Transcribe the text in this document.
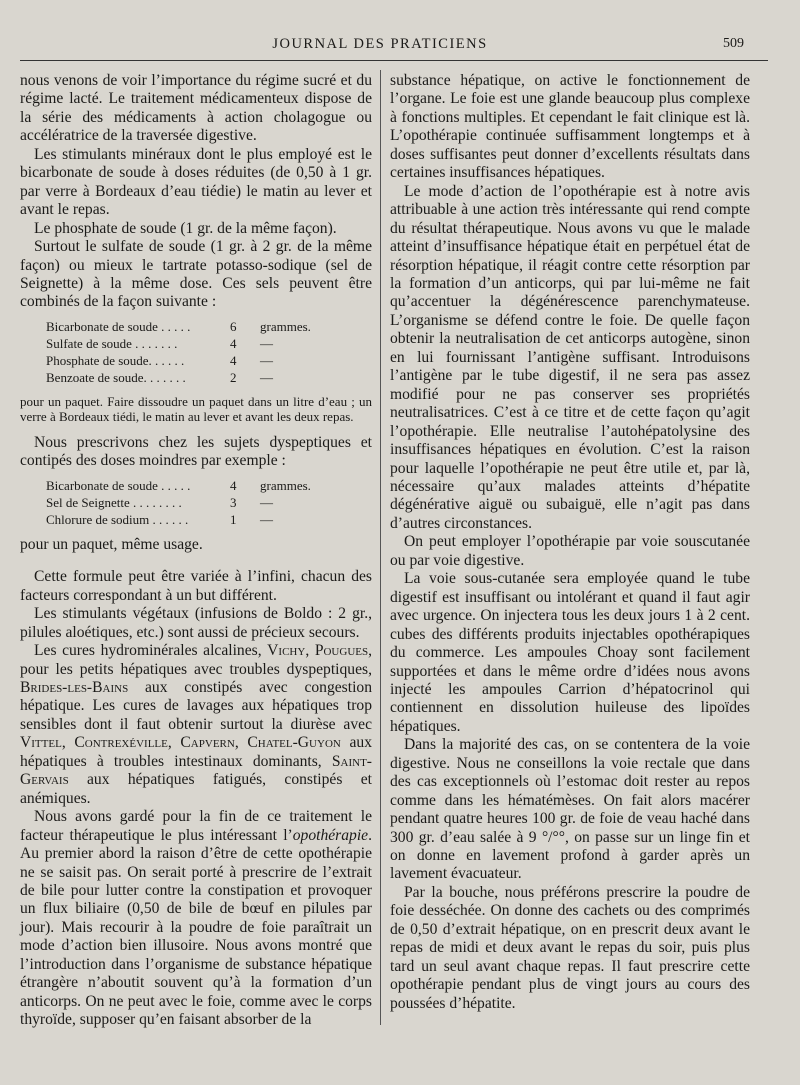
JOURNAL DES PRATICIENS	509

nous venons de voir l’importance du régime sucré et du régime lacté. Le traitement médicamenteux dispose de la série des médicaments à action cholagogue ou accélératrice de la traversée digestive.

Les stimulants minéraux dont le plus employé est le bicarbonate de soude à doses réduites (de 0,50 à 1 gr. par verre à Bordeaux d’eau tiédie) le matin au lever et avant le repas.

Le phosphate de soude (1 gr. de la même façon).

Surtout le sulfate de soude (1 gr. à 2 gr. de la même façon) ou mieux le tartrate potasso-sodique (sel de Seignette) à la même dose. Ces sels peuvent être combinés de la façon suivante :

Bicarbonate de soude . . . . .	6	grammes.
Sulfate de soude . . . . . . .	4	—
Phosphate de soude. . . . . .	4	—
Benzoate de soude. . . . . . .	2	—

pour un paquet. Faire dissoudre un paquet dans un litre d’eau ; un verre à Bordeaux tiédi, le matin au lever et avant les deux repas.

Nous prescrivons chez les sujets dyspeptiques et contipés des doses moindres par exemple :

Bicarbonate de soude . . . . .	4	grammes.
Sel de Seignette . . . . . . . .	3	—
Chlorure de sodium . . . . . .	1	—

pour un paquet, même usage.

Cette formule peut être variée à l’infini, chacun des facteurs correspondant à un but différent.

Les stimulants végétaux (infusions de Boldo : 2 gr., pilules aloétiques, etc.) sont aussi de précieux secours.

Les cures hydrominérales alcalines, Vichy, Pougues, pour les petits hépatiques avec troubles dyspeptiques, Brides-les-Bains aux constipés avec congestion hépatique. Les cures de lavages aux hépatiques trop sensibles dont il faut obtenir surtout la diurèse avec Vittel, Contrexéville, Capvern, Chatel-Guyon aux hépatiques à troubles intestinaux dominants, Saint-Gervais aux hépatiques fatigués, constipés et anémiques.

Nous avons gardé pour la fin de ce traitement le facteur thérapeutique le plus intéressant l’opothérapie. Au premier abord la raison d’être de cette opothérapie ne se saisit pas. On serait porté à prescrire de l’extrait de bile pour lutter contre la constipation et provoquer un flux biliaire (0,50 de bile de bœuf en pilules par jour). Mais recourir à la poudre de foie paraîtrait un mode d’action bien illusoire. Nous avons montré que l’introduction dans l’organisme de substance hépatique étrangère n’aboutit souvent qu’à la formation d’un anticorps. On ne peut avec le foie, comme avec le corps thyroïde, supposer qu’en faisant absorber de la

substance hépatique, on active le fonctionnement de l’organe. Le foie est une glande beaucoup plus complexe à fonctions multiples. Et cependant le fait clinique est là. L’opothérapie continuée suffisamment longtemps et à doses suffisantes peut donner d’excellents résultats dans certaines insuffisances hépatiques.

Le mode d’action de l’opothérapie est à notre avis attribuable à une action très intéressante qui rend compte du résultat thérapeutique. Nous avons vu que le malade atteint d’insuffisance hépatique était en perpétuel état de résorption hépatique, il réagit contre cette résorption par la formation d’un anticorps, qui par lui-même ne fait qu’accentuer la dégénérescence parenchymateuse. L’organisme se défend contre le foie. De quelle façon obtenir la neutralisation de cet anticorps autogène, sinon en lui fournissant l’antigène suffisant. Introduisons l’antigène par le tube digestif, il ne sera pas assez modifié pour ne pas conserver ses propriétés neutralisatrices. C’est à ce titre et de cette façon qu’agit l’opothérapie. Elle neutralise l’autohépatolysine des insuffisances hépatiques en évolution. C’est la raison pour laquelle l’opothérapie ne peut être utile et, par là, nécessaire qu’aux malades atteints d’hépatite dégénérative aiguë ou subaiguë, elle n’agit pas dans d’autres circonstances.

On peut employer l’opothérapie par voie souscutanée ou par voie digestive.

La voie sous-cutanée sera employée quand le tube digestif est insuffisant ou intolérant et quand il faut agir avec urgence. On injectera tous les deux jours 1 à 2 cent. cubes des différents produits injectables opothérapiques du commerce. Les ampoules Choay sont facilement supportées et dans le même ordre d’idées nous avons injecté les ampoules Carrion d’hépatocrinol qui contiennent en dissolution huileuse des lipoïdes hépatiques.

Dans la majorité des cas, on se contentera de la voie digestive. Nous ne conseillons la voie rectale que dans des cas exceptionnels où l’estomac doit rester au repos comme dans les hématémèses. On fait alors macérer pendant quatre heures 100 gr. de foie de veau haché dans 300 gr. d’eau salée à 9 °/°°, on passe sur un linge fin et on donne en lavement profond à garder après un lavement évacuateur.

Par la bouche, nous préférons prescrire la poudre de foie desséchée. On donne des cachets ou des comprimés de 0,50 d’extrait hépatique, on en prescrit deux avant le repas de midi et deux avant le repas du soir, puis plus tard un seul avant chaque repas. Il faut prescrire cette opothérapie pendant plus de vingt jours au cours des poussées d’hépatite.
